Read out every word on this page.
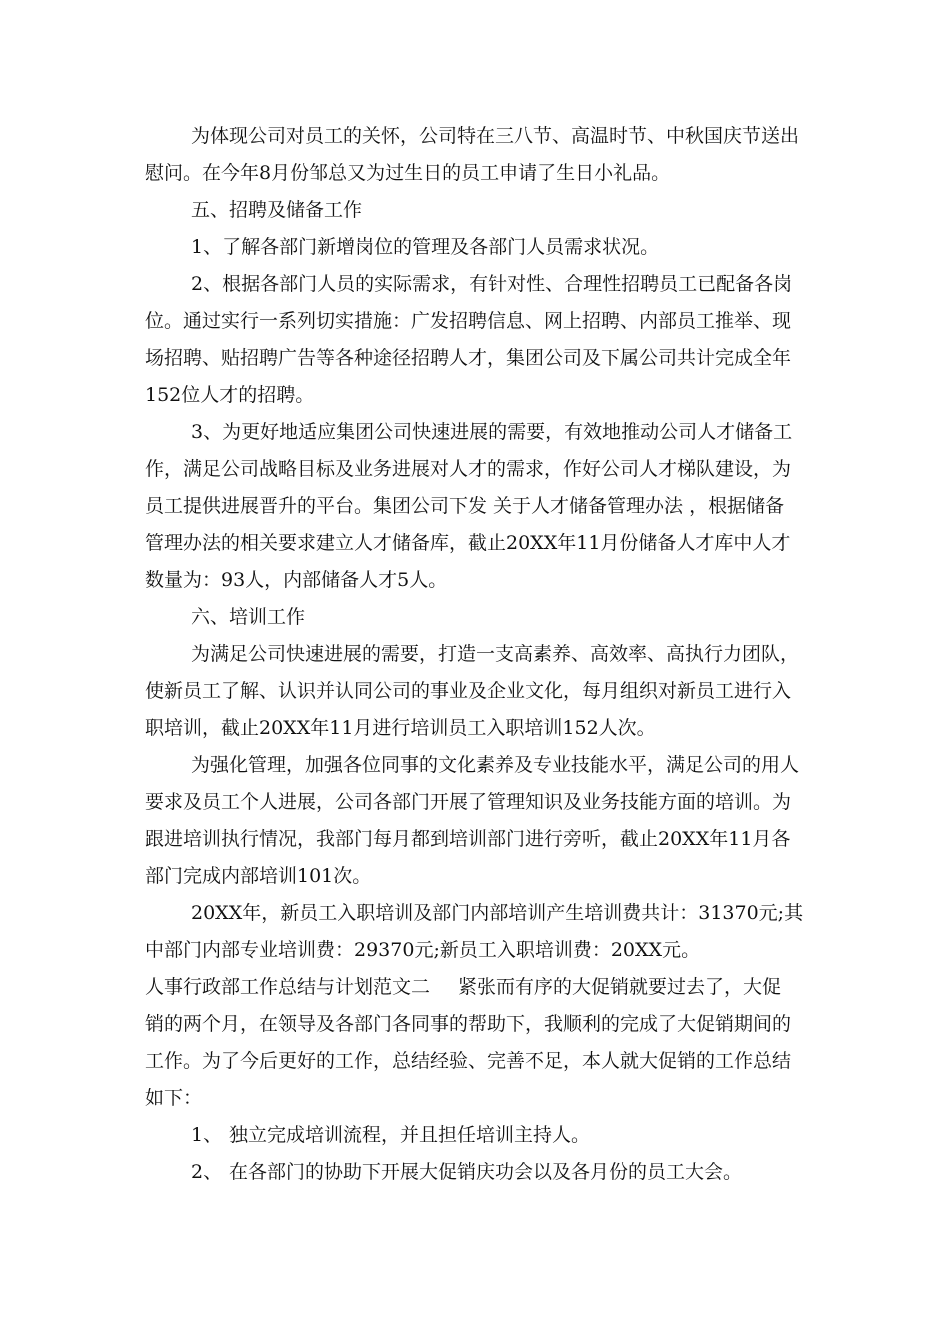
为体现公司对员工的关怀，公司特在三八节、高温时节、中秋国庆节送出
慰问。在今年8月份邹总又为过生日的员工申请了生日小礼品。
五、招聘及储备工作
1、了解各部门新增岗位的管理及各部门人员需求状况。
2、根据各部门人员的实际需求，有针对性、合理性招聘员工已配备各岗
位。通过实行一系列切实措施：广发招聘信息、网上招聘、内部员工推举、现
场招聘、贴招聘广告等各种途径招聘人才，集团公司及下属公司共计完成全年
152位人才的招聘。
3、为更好地适应集团公司快速进展的需要，有效地推动公司人才储备工
作，满足公司战略目标及业务进展对人才的需求，作好公司人才梯队建设，为
员工提供进展晋升的平台。集团公司下发 关于人才储备管理办法 ，根据储备
管理办法的相关要求建立人才储备库，截止20XX年11月份储备人才库中人才
数量为：93人，内部储备人才5人。
六、培训工作
为满足公司快速进展的需要，打造一支高素养、高效率、高执行力团队，
使新员工了解、认识并认同公司的事业及企业文化，每月组织对新员工进行入
职培训，截止20XX年11月进行培训员工入职培训152人次。
为强化管理，加强各位同事的文化素养及专业技能水平，满足公司的用人
要求及员工个人进展，公司各部门开展了管理知识及业务技能方面的培训。为
跟进培训执行情况，我部门每月都到培训部门进行旁听，截止20XX年11月各
部门完成内部培训101次。
20XX年，新员工入职培训及部门内部培训产生培训费共计：31370元;其
中部门内部专业培训费：29370元;新员工入职培训费：20XX元。
人事行政部工作总结与计划范文二 紧张而有序的大促销就要过去了，大促
销的两个月，在领导及各部门各同事的帮助下，我顺利的完成了大促销期间的
工作。为了今后更好的工作，总结经验、完善不足，本人就大促销的工作总结
如下：
1、 独立完成培训流程，并且担任培训主持人。
2、 在各部门的协助下开展大促销庆功会以及各月份的员工大会。
